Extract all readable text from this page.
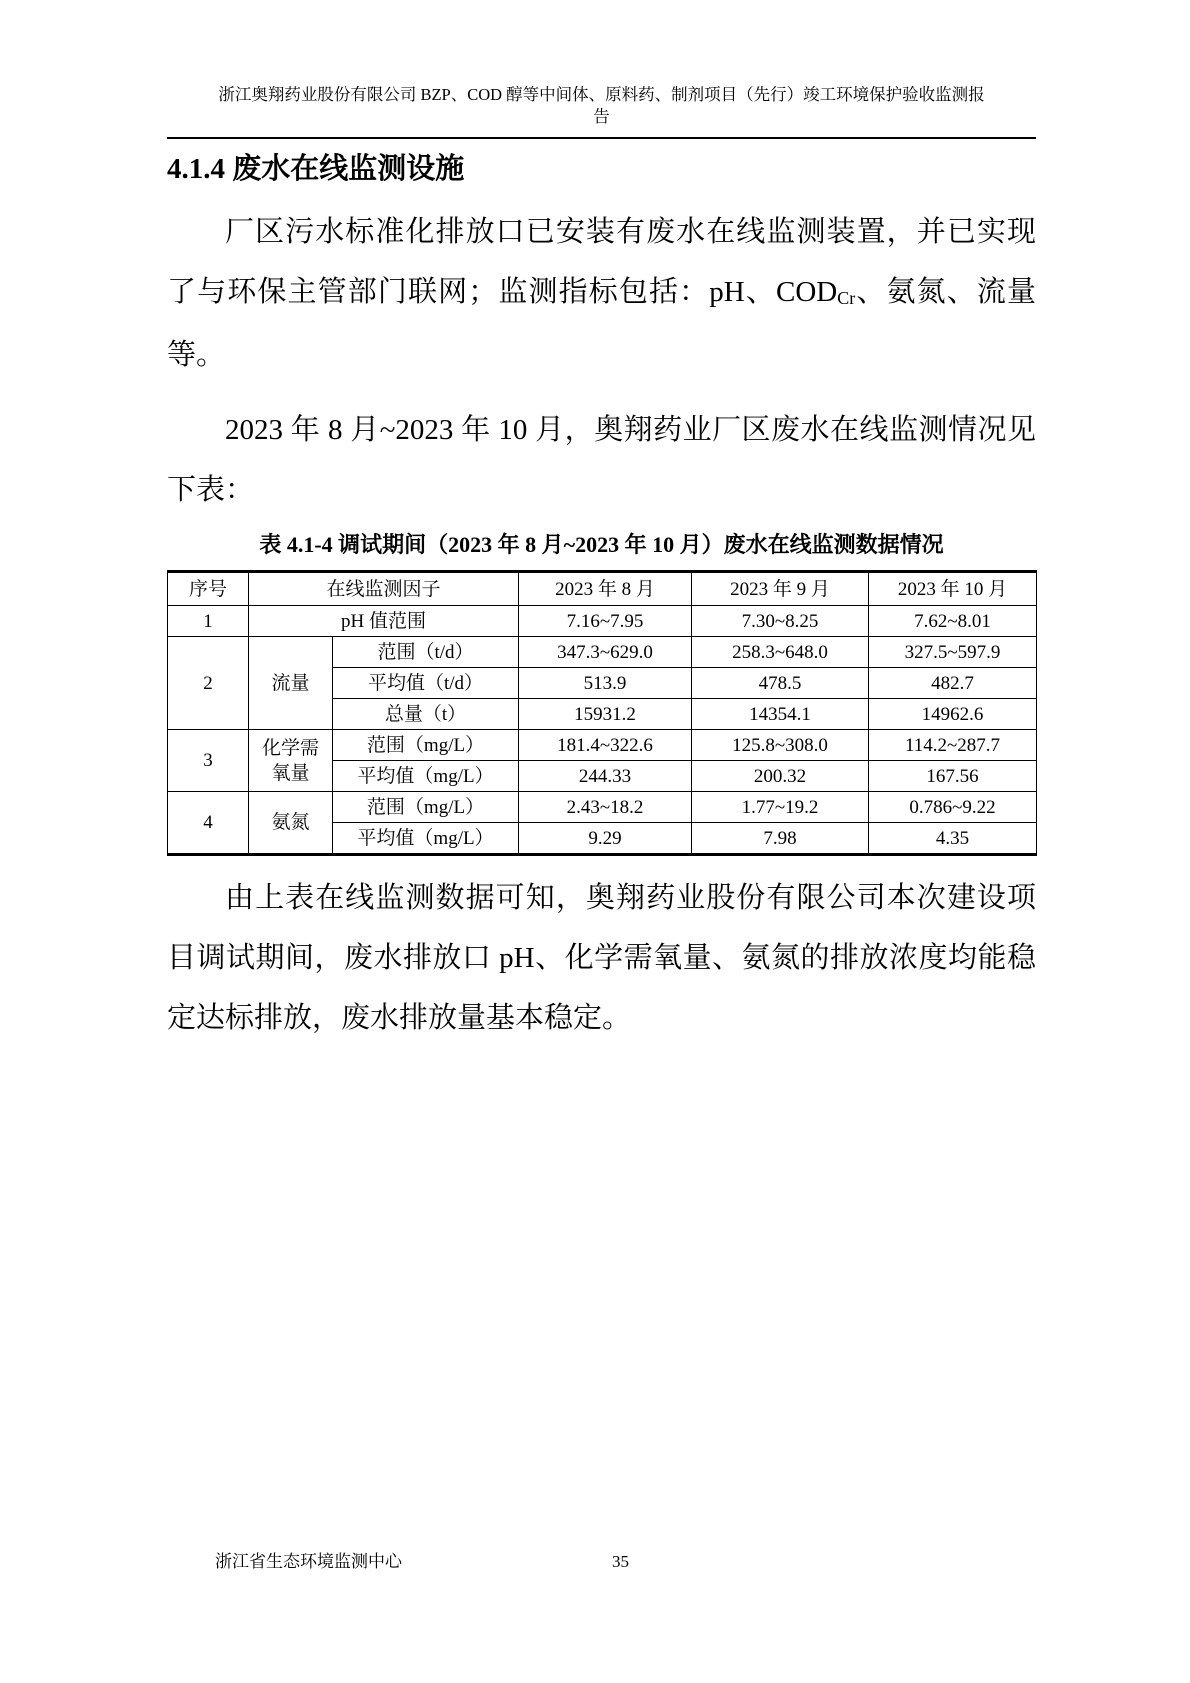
浙江奥翔药业股份有限公司 BZP、COD 醇等中间体、原料药、制剂项目（先行）竣工环境保护验收监测报
告
4.1.4 废水在线监测设施

厂区污水标准化排放口已安装有废水在线监测装置，并已实现了与环保主管部门联网；监测指标包括：pH、CODCr、氨氮、流量等。

2023 年 8 月~2023 年 10 月，奥翔药业厂区废水在线监测情况见下表：

表 4.1-4 调试期间（2023 年 8 月~2023 年 10 月）废水在线监测数据情况
序号	在线监测因子		2023 年 8 月	2023 年 9 月	2023 年 10 月
1	pH 值范围		7.16~7.95	7.30~8.25	7.62~8.01
2	流量	范围（t/d）	347.3~629.0	258.3~648.0	327.5~597.9
		平均值（t/d）	513.9	478.5	482.7
		总量（t）	15931.2	14354.1	14962.6
3	化学需氧量	范围（mg/L）	181.4~322.6	125.8~308.0	114.2~287.7
		平均值（mg/L）	244.33	200.32	167.56
4	氨氮	范围（mg/L）	2.43~18.2	1.77~19.2	0.786~9.22
		平均值（mg/L）	9.29	7.98	4.35

由上表在线监测数据可知，奥翔药业股份有限公司本次建设项目调试期间，废水排放口 pH、化学需氧量、氨氮的排放浓度均能稳定达标排放，废水排放量基本稳定。

浙江省生态环境监测中心	35
